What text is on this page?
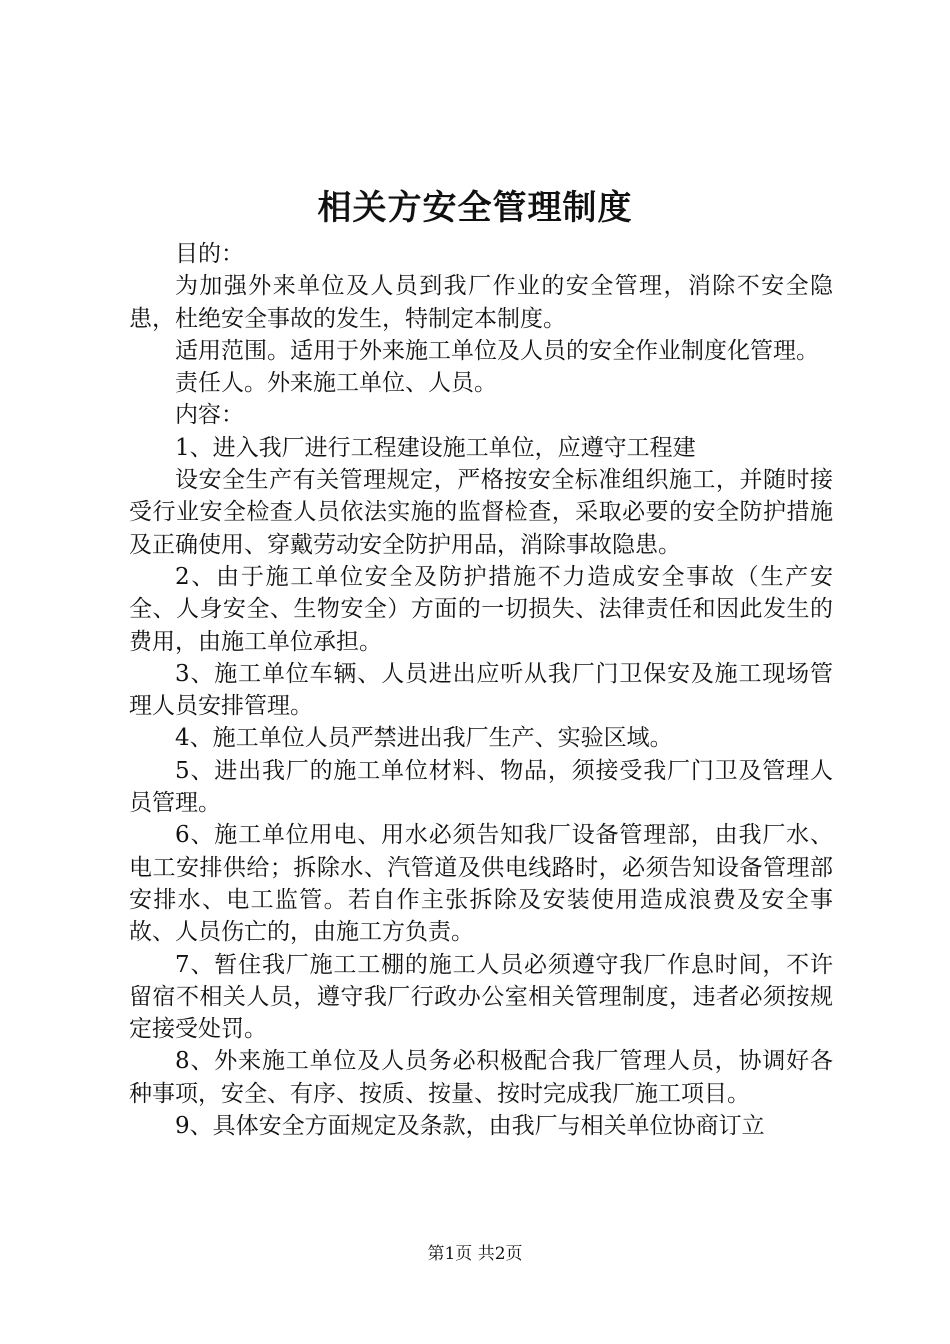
相关方安全管理制度

目的：

为加强外来单位及人员到我厂作业的安全管理，消除不安全隐患，杜绝安全事故的发生，特制定本制度。

适用范围。适用于外来施工单位及人员的安全作业制度化管理。

责任人。外来施工单位、人员。

内容：

1、进入我厂进行工程建设施工单位，应遵守工程建

设安全生产有关管理规定，严格按安全标准组织施工，并随时接受行业安全检查人员依法实施的监督检查，采取必要的安全防护措施及正确使用、穿戴劳动安全防护用品，消除事故隐患。

2、由于施工单位安全及防护措施不力造成安全事故（生产安全、人身安全、生物安全）方面的一切损失、法律责任和因此发生的费用，由施工单位承担。

3、施工单位车辆、人员进出应听从我厂门卫保安及施工现场管理人员安排管理。

4、施工单位人员严禁进出我厂生产、实验区域。

5、进出我厂的施工单位材料、物品，须接受我厂门卫及管理人员管理。

6、施工单位用电、用水必须告知我厂设备管理部，由我厂水、电工安排供给；拆除水、汽管道及供电线路时，必须告知设备管理部安排水、电工监管。若自作主张拆除及安装使用造成浪费及安全事故、人员伤亡的，由施工方负责。

7、暂住我厂施工工棚的施工人员必须遵守我厂作息时间，不许留宿不相关人员，遵守我厂行政办公室相关管理制度，违者必须按规定接受处罚。

8、外来施工单位及人员务必积极配合我厂管理人员，协调好各种事项，安全、有序、按质、按量、按时完成我厂施工项目。

9、具体安全方面规定及条款，由我厂与相关单位协商订立

第1页 共2页
